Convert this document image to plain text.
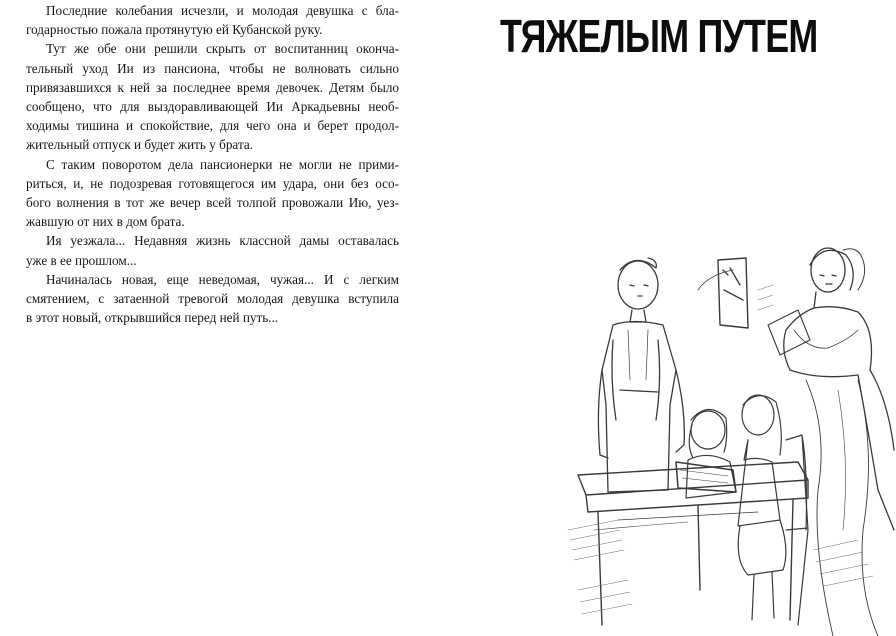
Последние колебания исчезли, и молодая девушка с бла-
годарностью пожала протянутую ей Кубанской руку.

Тут же обе они решили скрыть от воспитанниц оконча-
тельный уход Ии из пансиона, чтобы не волновать сильно
привязавшихся к ней за последнее время девочек. Детям было
сообщено, что для выздоравливающей Ии Аркадьевны необ-
ходимы тишина и спокойствие, для чего она и берет продол-
жительный отпуск и будет жить у брата.

С таким поворотом дела пансионерки не могли не прими-
риться, и, не подозревая готовящегося им удара, они без осо-
бого волнения в тот же вечер всей толпой провожали Ию, уез-
жавшую от них в дом брата.

Ия уезжала... Недавняя жизнь классной дамы оставалась
уже в ее прошлом...

Начиналась новая, еще неведомая, чужая... И с легким
смятением, с затаенной тревогой молодая девушка вступила
в этот новый, открывшийся перед ней путь...

ТЯЖЕЛЫМ ПУТЕМ
